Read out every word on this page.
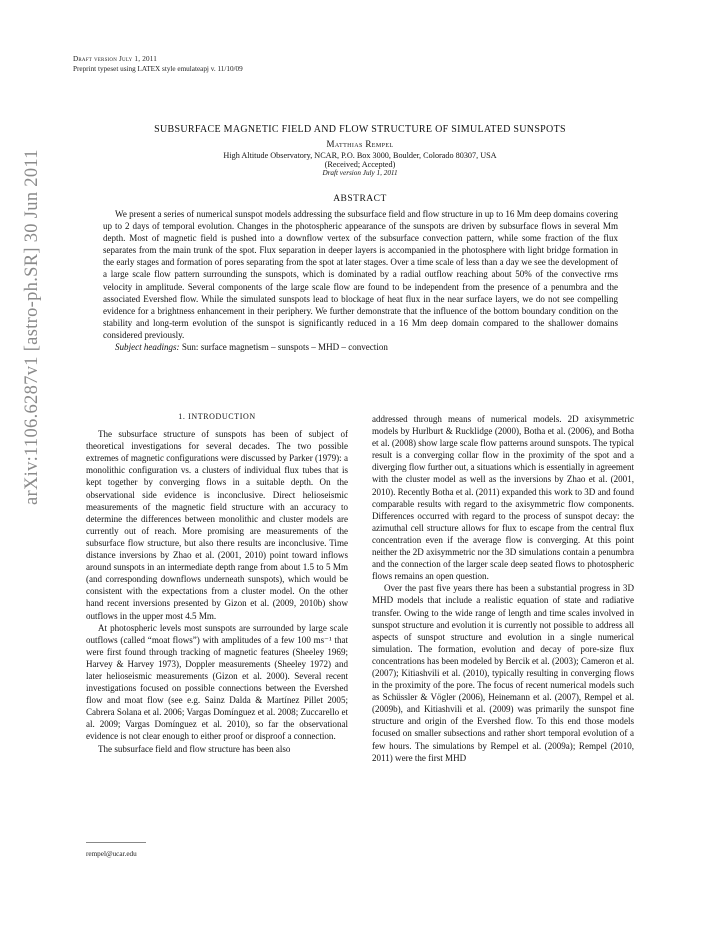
Draft version July 1, 2011
Preprint typeset using LATEX style emulateapj v. 11/10/09
arXiv:1106.6287v1 [astro-ph.SR] 30 Jun 2011
SUBSURFACE MAGNETIC FIELD AND FLOW STRUCTURE OF SIMULATED SUNSPOTS
Matthias Rempel
High Altitude Observatory, NCAR, P.O. Box 3000, Boulder, Colorado 80307, USA
(Received; Accepted)
Draft version July 1, 2011
ABSTRACT

We present a series of numerical sunspot models addressing the subsurface field and flow structure in up to 16 Mm deep domains covering up to 2 days of temporal evolution. Changes in the photospheric appearance of the sunspots are driven by subsurface flows in several Mm depth. Most of magnetic field is pushed into a downflow vertex of the subsurface convection pattern, while some fraction of the flux separates from the main trunk of the spot. Flux separation in deeper layers is accompanied in the photosphere with light bridge formation in the early stages and formation of pores separating from the spot at later stages. Over a time scale of less than a day we see the development of a large scale flow pattern surrounding the sunspots, which is dominated by a radial outflow reaching about 50% of the convective rms velocity in amplitude. Several components of the large scale flow are found to be independent from the presence of a penumbra and the associated Evershed flow. While the simulated sunspots lead to blockage of heat flux in the near surface layers, we do not see compelling evidence for a brightness enhancement in their periphery. We further demonstrate that the influence of the bottom boundary condition on the stability and long-term evolution of the sunspot is significantly reduced in a 16 Mm deep domain compared to the shallower domains considered previously.

Subject headings: Sun: surface magnetism – sunspots – MHD – convection

1. INTRODUCTION

The subsurface structure of sunspots has been of subject of theoretical investigations for several decades. The two possible extremes of magnetic configurations were discussed by Parker (1979): a monolithic configuration vs. a clusters of individual flux tubes that is kept together by converging flows in a suitable depth. On the observational side evidence is inconclusive. Direct helioseismic measurements of the magnetic field structure with an accuracy to determine the differences between monolithic and cluster models are currently out of reach. More promising are measurements of the subsurface flow structure, but also there results are inconclusive. Time distance inversions by Zhao et al. (2001, 2010) point toward inflows around sunspots in an intermediate depth range from about 1.5 to 5 Mm (and corresponding downflows underneath sunspots), which would be consistent with the expectations from a cluster model. On the other hand recent inversions presented by Gizon et al. (2009, 2010b) show outflows in the upper most 4.5 Mm.

At photospheric levels most sunspots are surrounded by large scale outflows (called “moat flows”) with amplitudes of a few 100 ms⁻¹ that were first found through tracking of magnetic features (Sheeley 1969; Harvey & Harvey 1973), Doppler measurements (Sheeley 1972) and later helioseismic measurements (Gizon et al. 2000). Several recent investigations focused on possible connections between the Evershed flow and moat flow (see e.g. Sainz Dalda & Martínez Pillet 2005; Cabrera Solana et al. 2006; Vargas Domínguez et al. 2008; Zuccarello et al. 2009; Vargas Domínguez et al. 2010), so far the observational evidence is not clear enough to either proof or disproof a connection.

The subsurface field and flow structure has been also

addressed through means of numerical models. 2D axisymmetric models by Hurlburt & Rucklidge (2000), Botha et al. (2006), and Botha et al. (2008) show large scale flow patterns around sunspots. The typical result is a converging collar flow in the proximity of the spot and a diverging flow further out, a situations which is essentially in agreement with the cluster model as well as the inversions by Zhao et al. (2001, 2010). Recently Botha et al. (2011) expanded this work to 3D and found comparable results with regard to the axisymmetric flow components. Differences occurred with regard to the process of sunspot decay: the azimuthal cell structure allows for flux to escape from the central flux concentration even if the average flow is converging. At this point neither the 2D axisymmetric nor the 3D simulations contain a penumbra and the connection of the larger scale deep seated flows to photospheric flows remains an open question.

Over the past five years there has been a substantial progress in 3D MHD models that include a realistic equation of state and radiative transfer. Owing to the wide range of length and time scales involved in sunspot structure and evolution it is currently not possible to address all aspects of sunspot structure and evolution in a single numerical simulation. The formation, evolution and decay of pore-size flux concentrations has been modeled by Bercik et al. (2003); Cameron et al. (2007); Kitiashvili et al. (2010), typically resulting in converging flows in the proximity of the pore. The focus of recent numerical models such as Schüssler & Vögler (2006), Heinemann et al. (2007), Rempel et al. (2009b), and Kitiashvili et al. (2009) was primarily the sunspot fine structure and origin of the Evershed flow. To this end those models focused on smaller subsections and rather short temporal evolution of a few hours. The simulations by Rempel et al. (2009a); Rempel (2010, 2011) were the first MHD

rempel@ucar.edu
